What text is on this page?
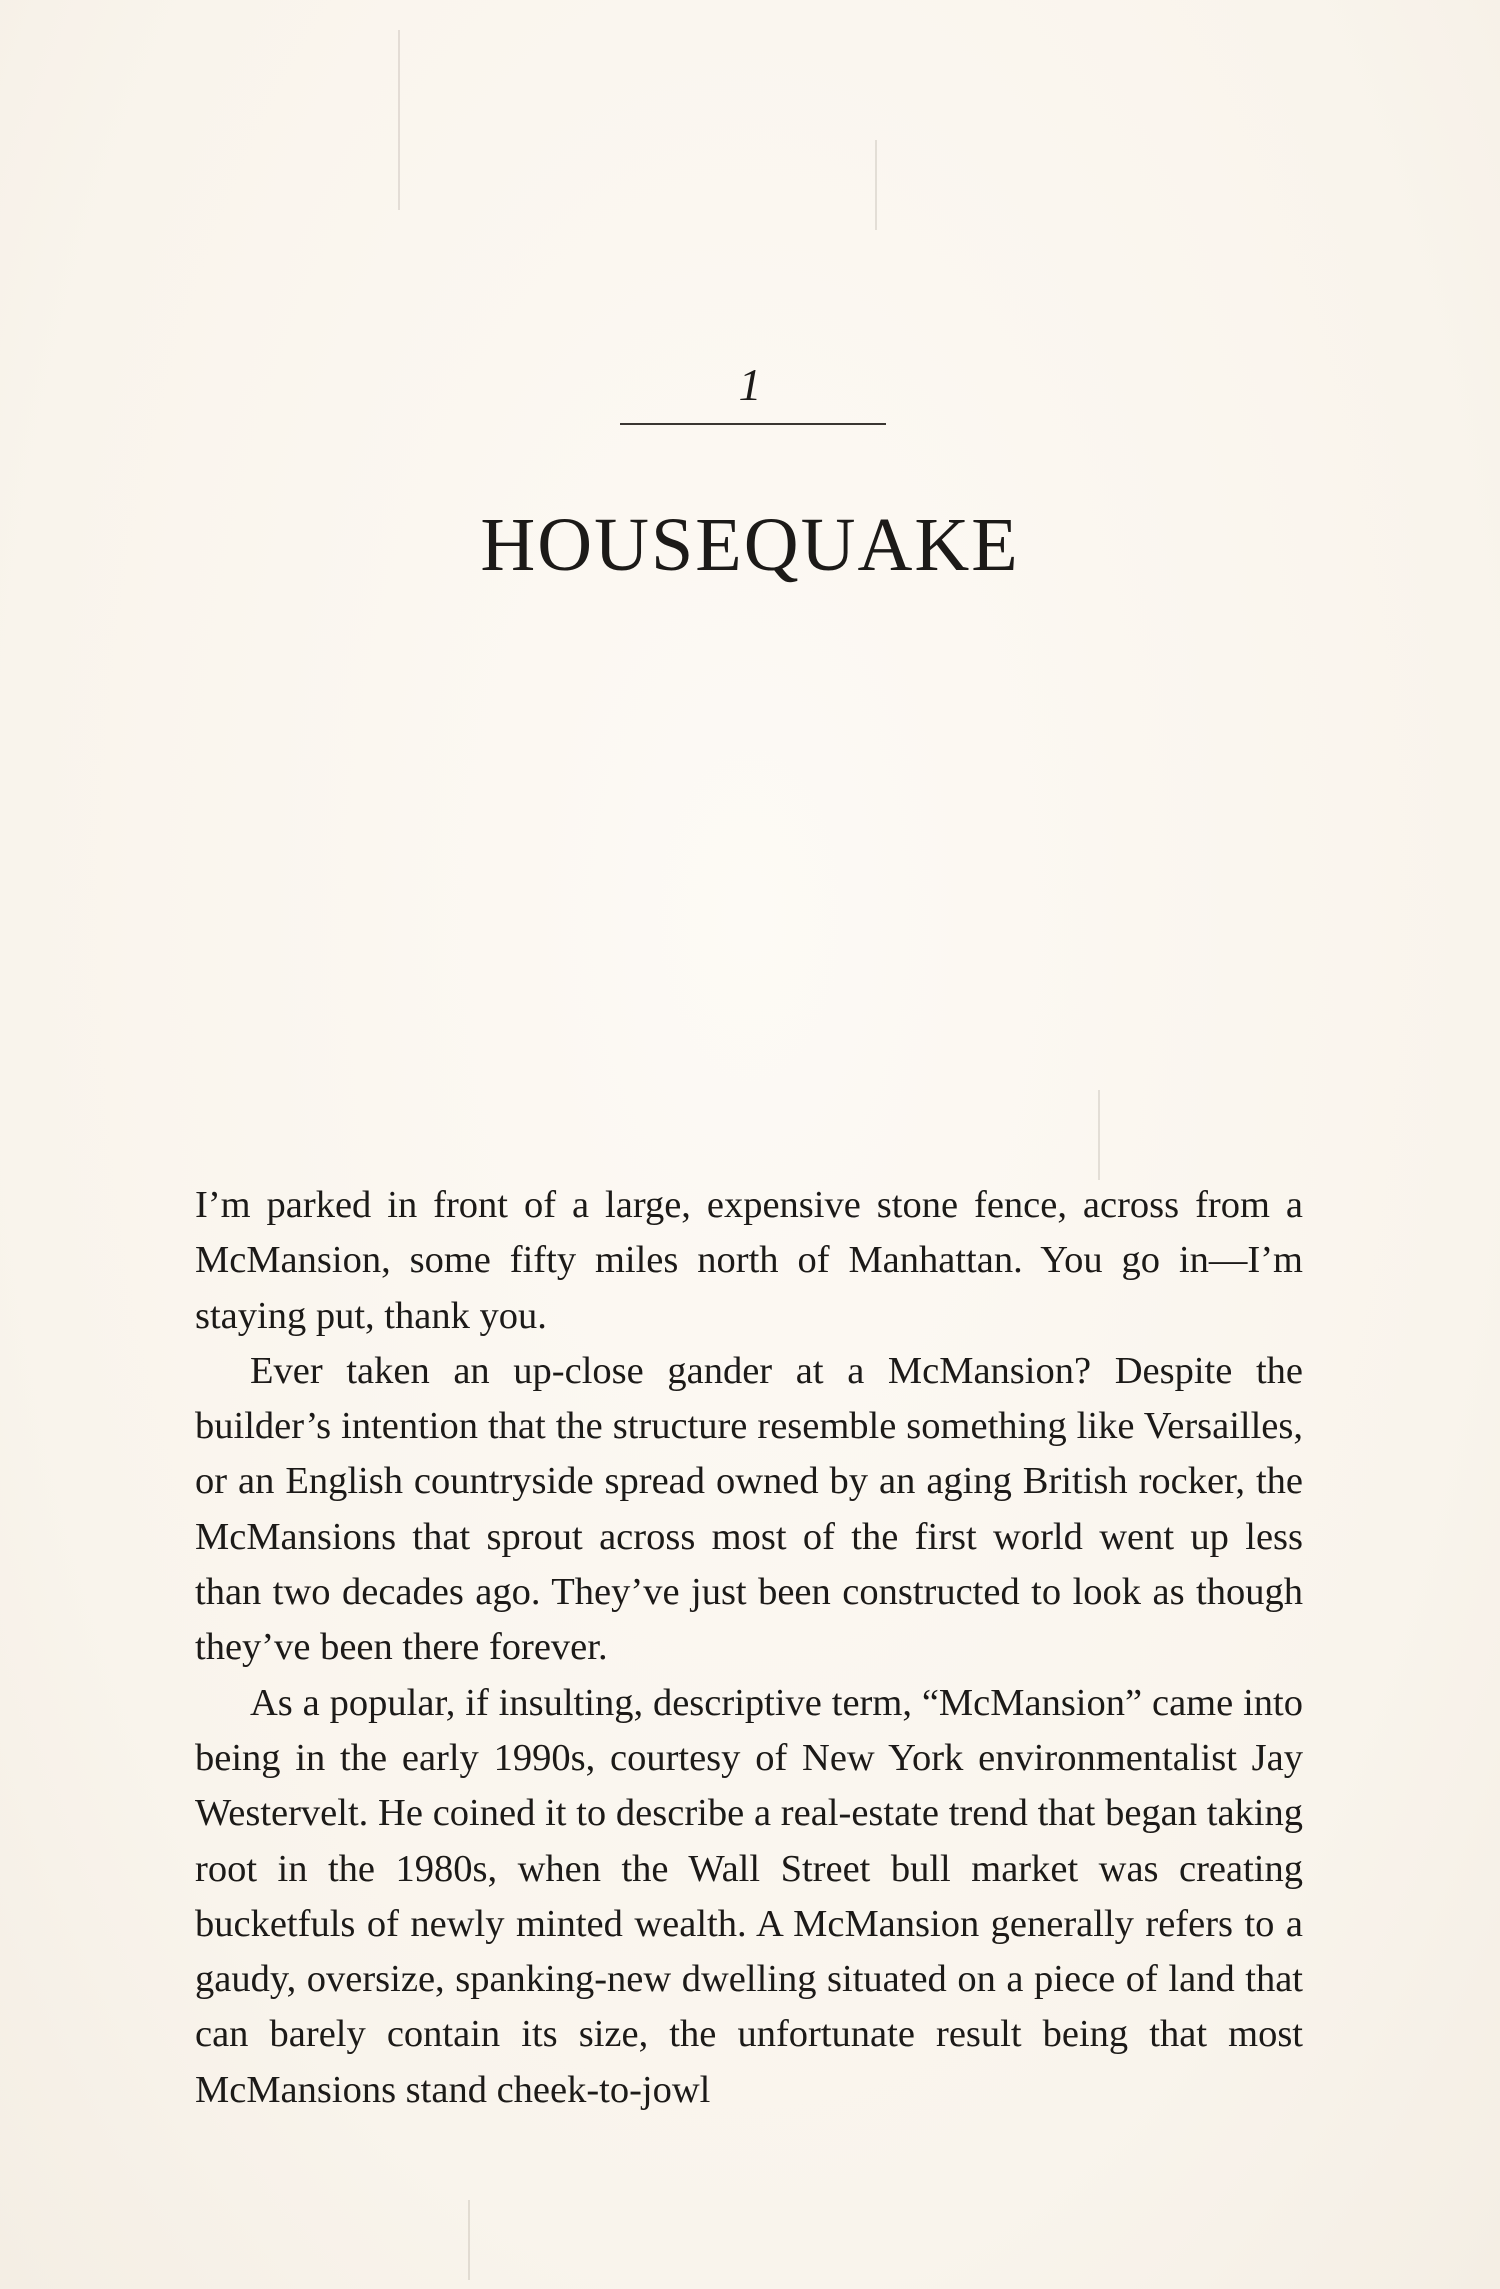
1
HOUSEQUAKE

I’m parked in front of a large, expensive stone fence, across from a McMansion, some fifty miles north of Manhattan. You go in—I’m staying put, thank you.

Ever taken an up-close gander at a McMansion? Despite the builder’s intention that the structure resemble something like Versailles, or an English countryside spread owned by an aging British rocker, the McMansions that sprout across most of the first world went up less than two decades ago. They’ve just been constructed to look as though they’ve been there forever.

As a popular, if insulting, descriptive term, “McMansion” came into being in the early 1990s, courtesy of New York environmentalist Jay Westervelt. He coined it to describe a real-estate trend that began taking root in the 1980s, when the Wall Street bull market was creating bucketfuls of newly minted wealth. A McMansion generally refers to a gaudy, oversize, spanking-new dwelling situated on a piece of land that can barely contain its size, the unfortunate result being that most McMansions stand cheek-to-jowl
